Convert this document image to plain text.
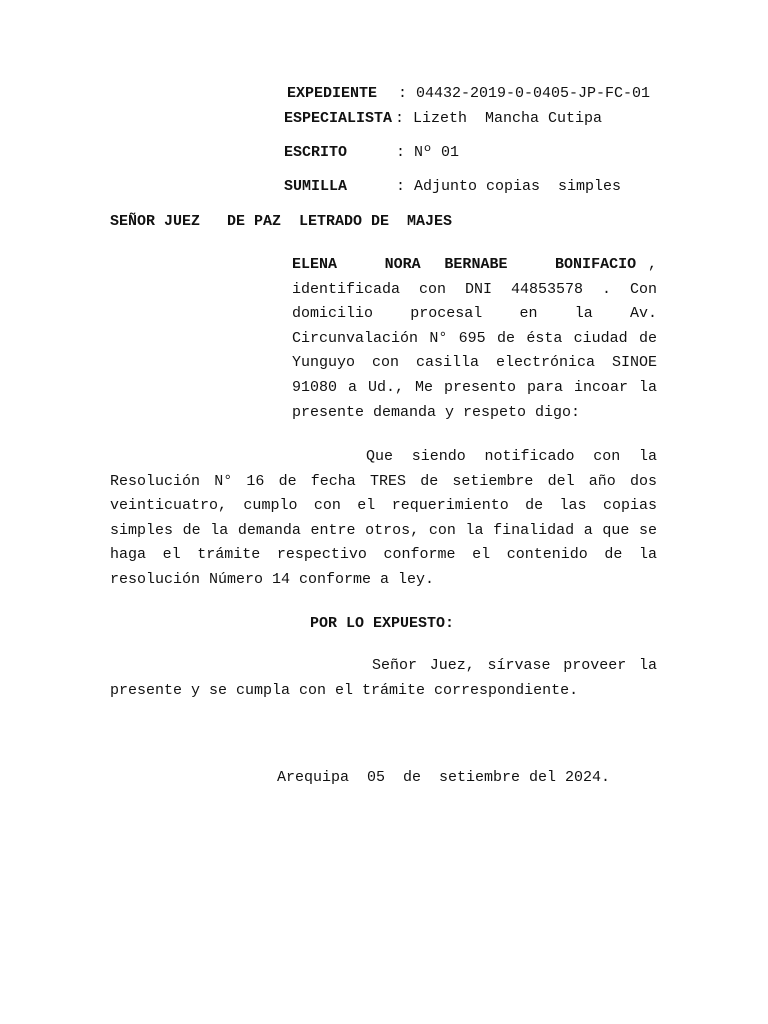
EXPEDIENTE : 04432-2019-0-0405-JP-FC-01
ESPECIALISTA : Lizeth  Mancha Cutipa
ESCRITO	: Nº 01
SUMILLA	: Adjunto copias  simples
SEÑOR JUEZ   DE PAZ  LETRADO DE  MAJES
ELENA    NORA  BERNABE    BONIFACIO , identificada con DNI 44853578 . Con domicilio procesal en la Av. Circunvalación N° 695 de ésta ciudad de Yunguyo con casilla electrónica SINOE 91080 a Ud., Me presento para incoar la presente demanda y respeto digo:
Que siendo notificado con la Resolución N° 16 de fecha TRES de setiembre del año dos veinticuatro, cumplo con el requerimiento de las copias simples de la demanda entre otros, con la finalidad a que se haga el trámite respectivo conforme el contenido de la resolución Número 14 conforme a ley.
POR LO EXPUESTO:
Señor Juez, sírvase proveer la presente y se cumpla con el trámite correspondiente.
Arequipa  05  de  setiembre del 2024.
